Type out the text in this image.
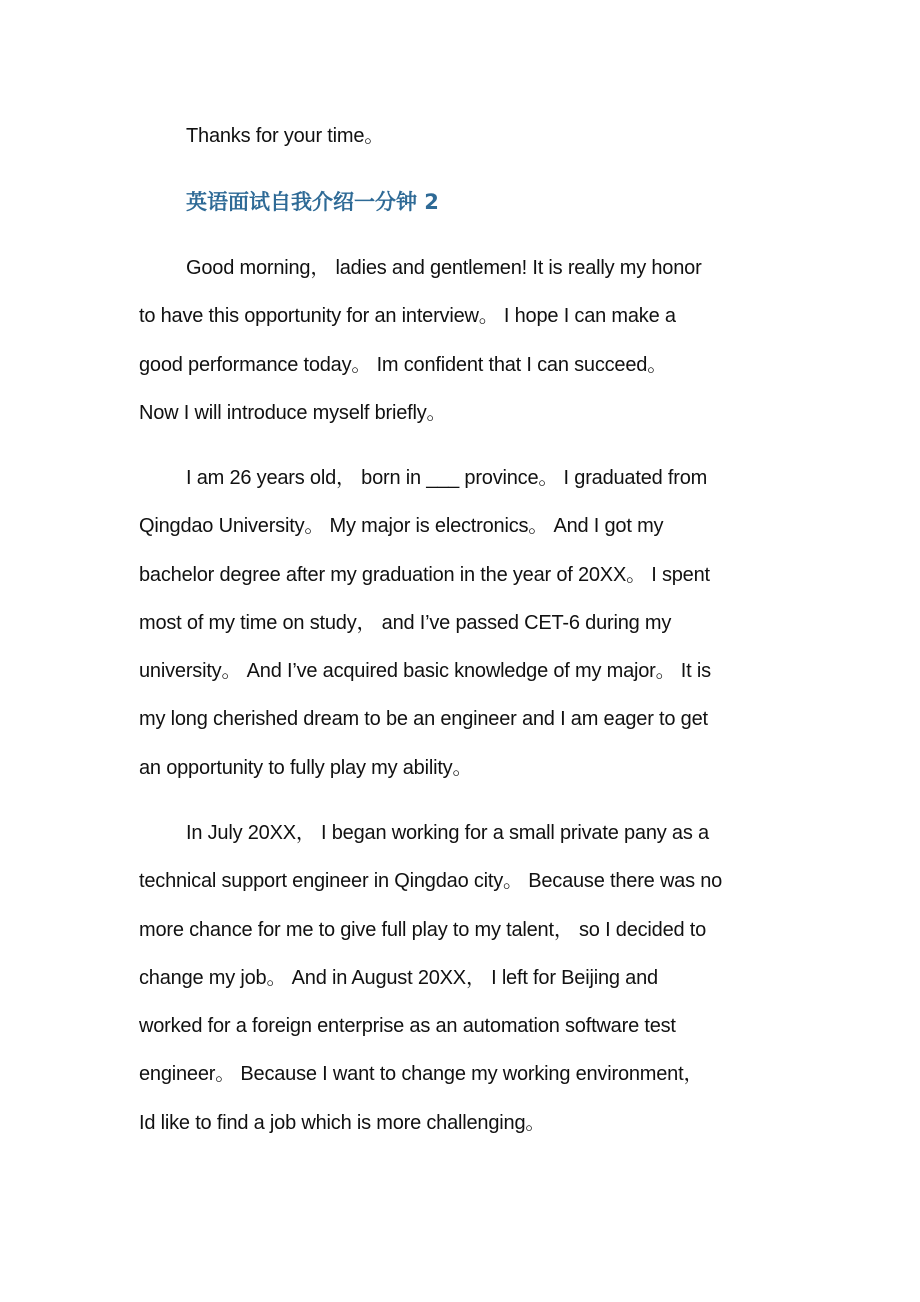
Thanks for your time。
英语面试自我介绍一分钟 2
Good morning， ladies and gentlemen! It is really my honor
to have this opportunity for an interview。 I hope I can make a
good performance today。 Im confident that I can succeed。
Now I will introduce myself briefly。
I am 26 years old， born in ___ province。 I graduated from
Qingdao University。 My major is electronics。 And I got my
bachelor degree after my graduation in the year of 20XX。 I spent
most of my time on study， and I’ve passed CET-6 during my
university。 And I’ve acquired basic knowledge of my major。 It is
my long cherished dream to be an engineer and I am eager to get
an opportunity to fully play my ability。
In July 20XX， I began working for a small private pany as a
technical support engineer in Qingdao city。 Because there was no
more chance for me to give full play to my talent， so I decided to
change my job。 And in August 20XX， I left for Beijing and
worked for a foreign enterprise as an automation software test
engineer。 Because I want to change my working environment，
Id like to find a job which is more challenging。
